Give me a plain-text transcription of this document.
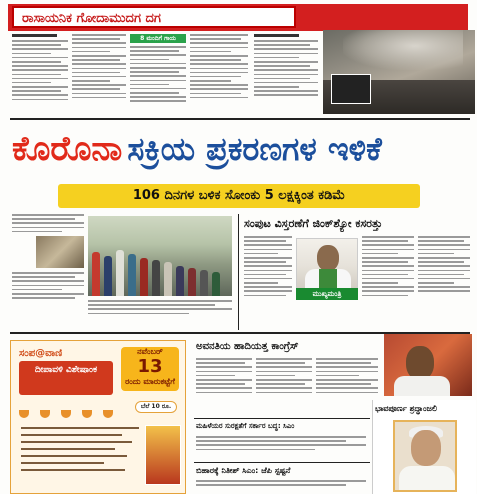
ರಾಸಾಯನಿಕ ಗೋದಾಮುದಗ ದಗ
8 ಮಂದಿಗೆ ಗಾಯ
ಕೊರೊನಾ ಸಕ್ರಿಯ ಪ್ರಕರಣಗಳ ಇಳಿಕೆ
106 ದಿನಗಳ ಬಳಿಕ ಸೋಂಕು 5 ಲಕ್ಷಕ್ಕಿಂತ ಕಡಿಮೆ
ಸಂಪುಟ ವಿಸ್ತರಣೆಗೆ ಜಿಂಕ್‌ಶ್ಯೋ ಕಸರತ್ತು
ಮುಖ್ಯಮಂತ್ರಿ
ಸಂಪ@ವಾಣಿ
ದೀಪಾವಳಿ ವಿಶೇಷಾಂಕ
ನವೆಂಬರ್
13
ರಂದು ಮಾರುಕಟ್ಟೆಗೆ

ಬೆಲೆ 10 ರೂ.
ಅವನತಿಯ ಹಾದಿಯತ್ತ ಕಾಂಗ್ರೆಸ್
ಮಹಿಳೆಯರ ಸುರಕ್ಷತೆಗೆ ಸರ್ಕಾರ ಬದ್ಧ: ಸಿಎಂ
ಬಿಹಾರಕ್ಕೆ ನಿತೀಶ್ ಸಿಎಂ: ಜೆಪಿ ಸ್ಪಷ್ಟನೆ
ಭಾವಪೂರ್ಣ ಶ್ರದ್ಧಾಂಜಲಿ
